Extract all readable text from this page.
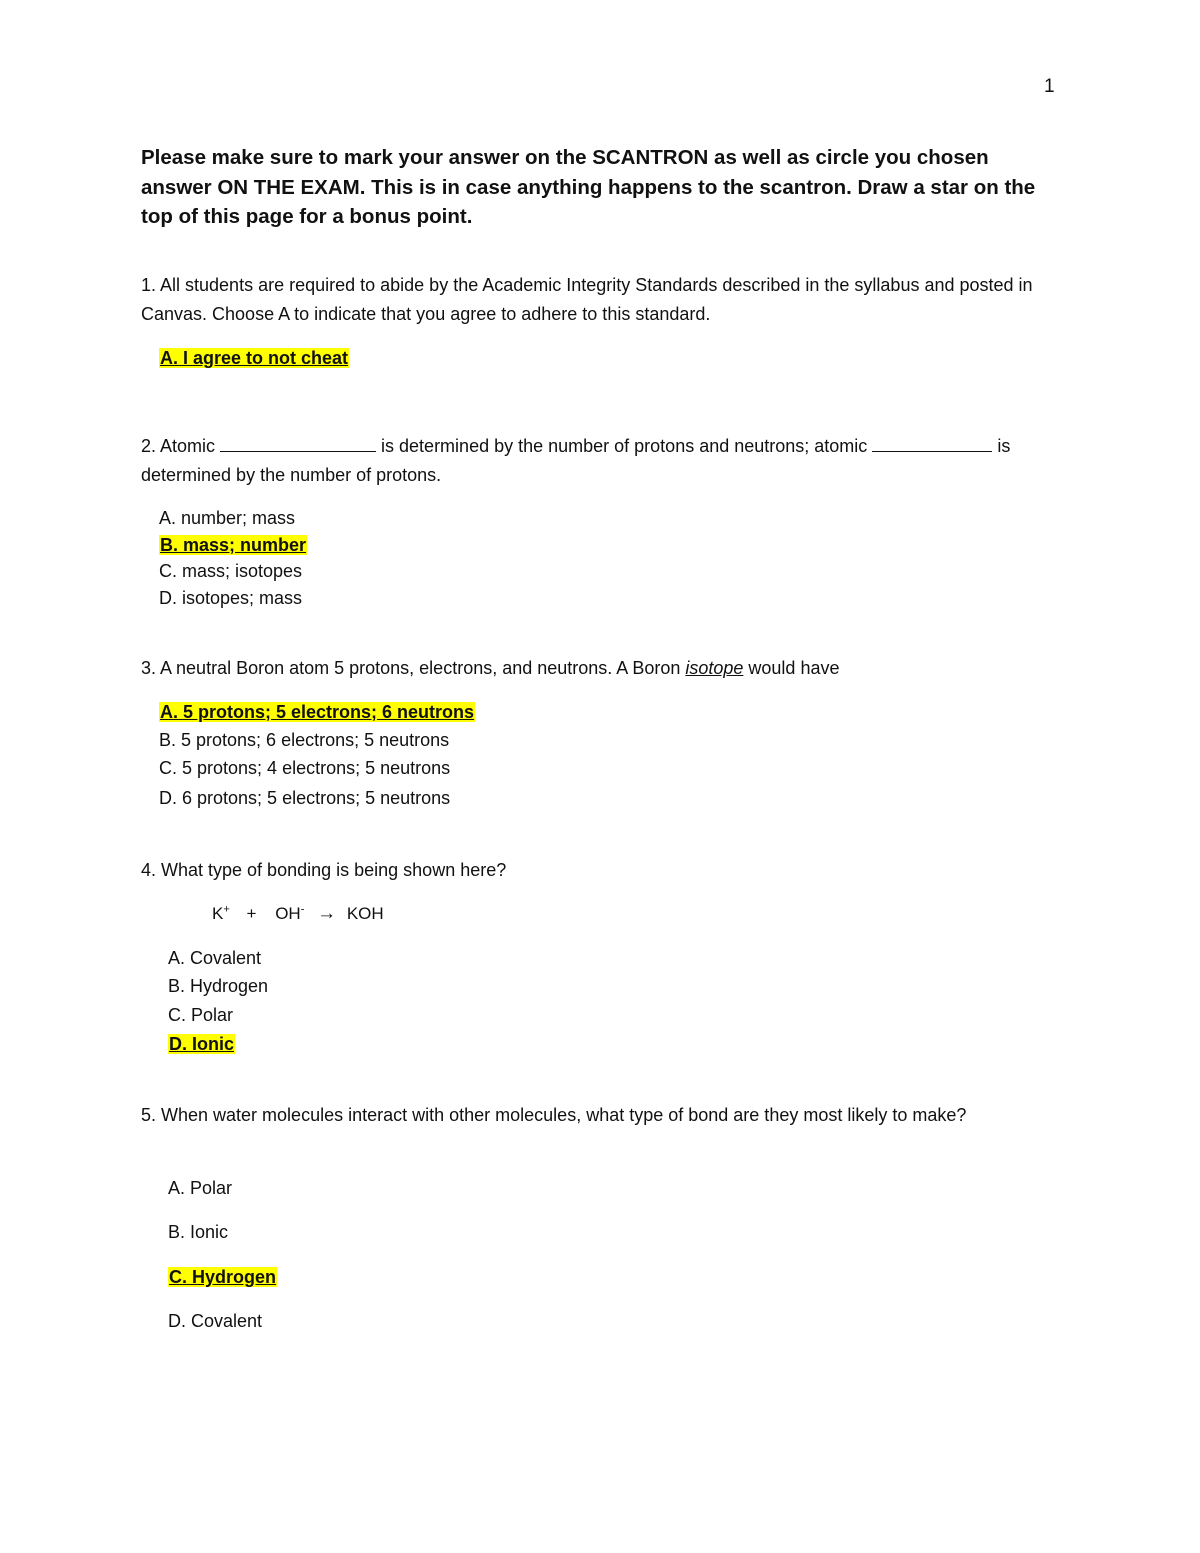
1
Please make sure to mark your answer on the SCANTRON as well as circle you chosen answer ON THE EXAM. This is in case anything happens to the scantron. Draw a star on the top of this page for a bonus point.
1. All students are required to abide by the Academic Integrity Standards described in the syllabus and posted in Canvas. Choose A to indicate that you agree to adhere to this standard.
A. I agree to not cheat
2. Atomic	is determined by the number of protons and neutrons; atomic	is determined by the number of protons.
A. number; mass
B. mass; number
C. mass; isotopes
D. isotopes; mass
3. A neutral Boron atom 5 protons, electrons, and neutrons. A Boron isotope would have
A. 5 protons; 5 electrons; 6 neutrons
B. 5 protons; 6 electrons; 5 neutrons
C. 5 protons; 4 electrons; 5 neutrons
D. 6 protons; 5 electrons; 5 neutrons
4. What type of bonding is being shown here?
K+ + OH- → KOH
A. Covalent
B. Hydrogen
C. Polar
D. Ionic
5. When water molecules interact with other molecules, what type of bond are they most likely to make?
A. Polar
B. Ionic
C. Hydrogen
D. Covalent
